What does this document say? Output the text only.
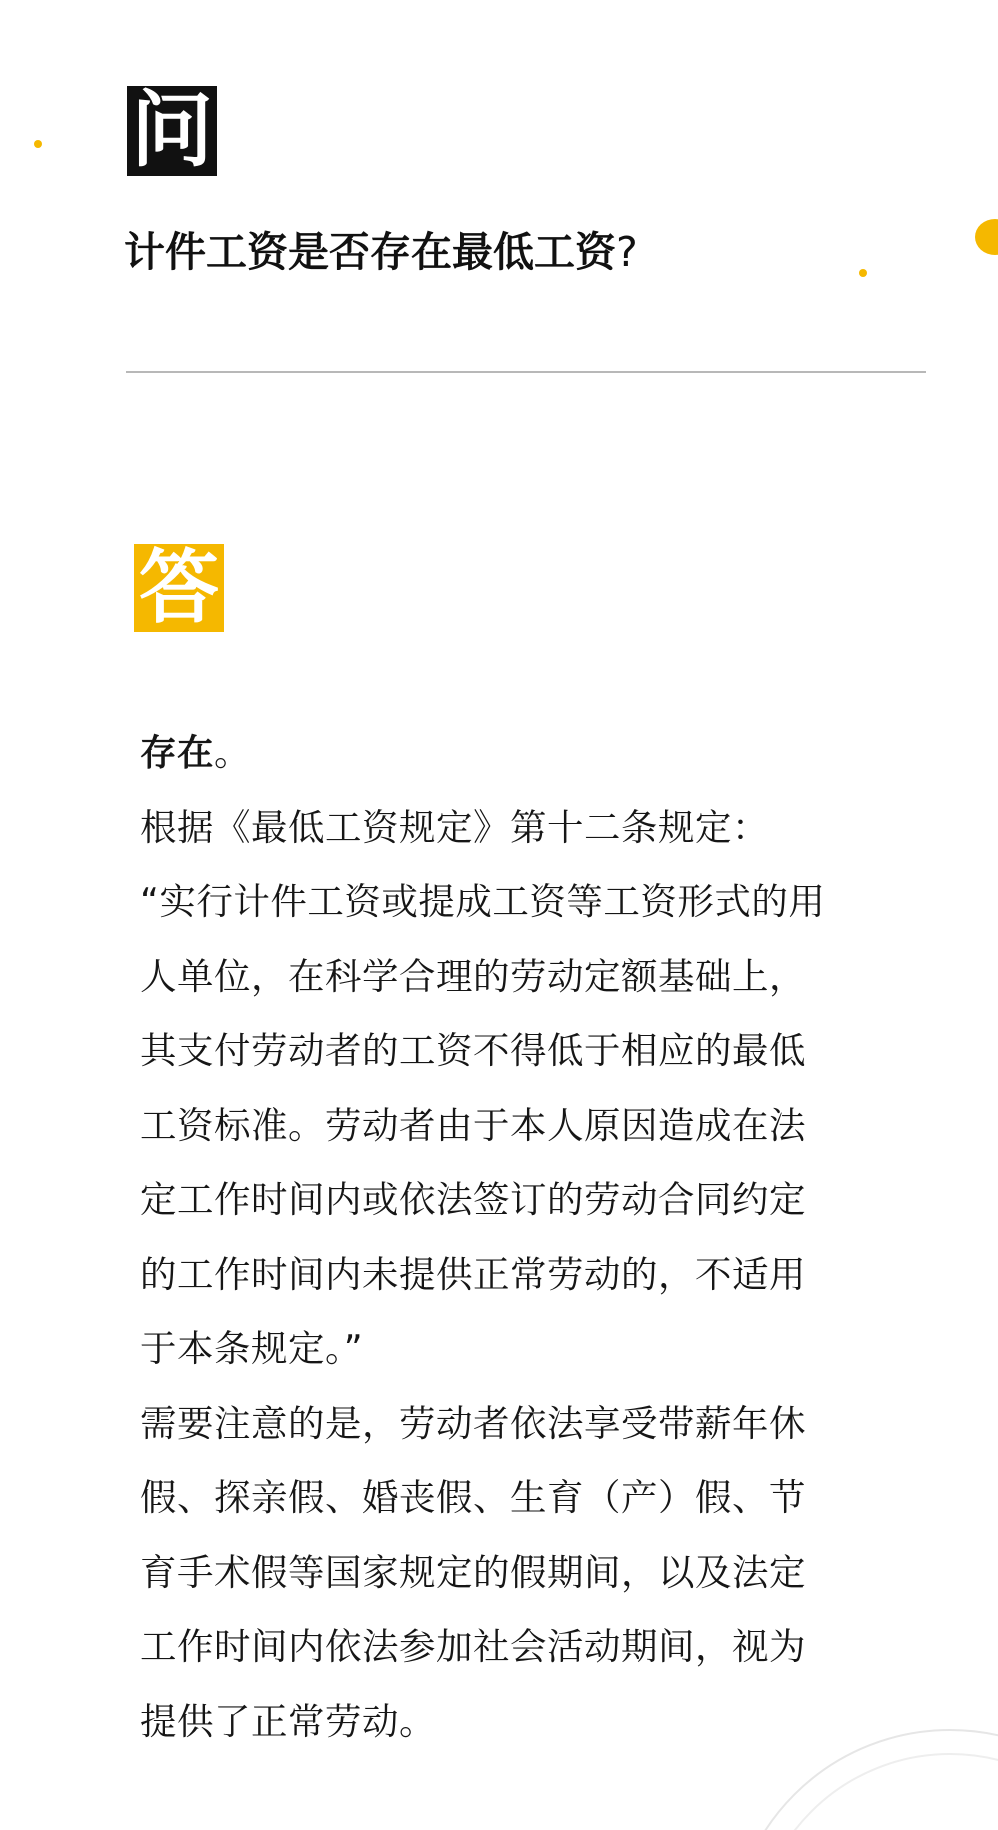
问
计件工资是否存在最低工资?
答

存在。

根据《最低工资规定》第十二条规定：

“实行计件工资或提成工资等工资形式的用人单位，在科学合理的劳动定额基础上，其支付劳动者的工资不得低于相应的最低工资标准。劳动者由于本人原因造成在法定工作时间内或依法签订的劳动合同约定的工作时间内未提供正常劳动的，不适用于本条规定。”

需要注意的是，劳动者依法享受带薪年休假、探亲假、婚丧假、生育（产）假、节育手术假等国家规定的假期间，以及法定工作时间内依法参加社会活动期间，视为提供了正常劳动。
